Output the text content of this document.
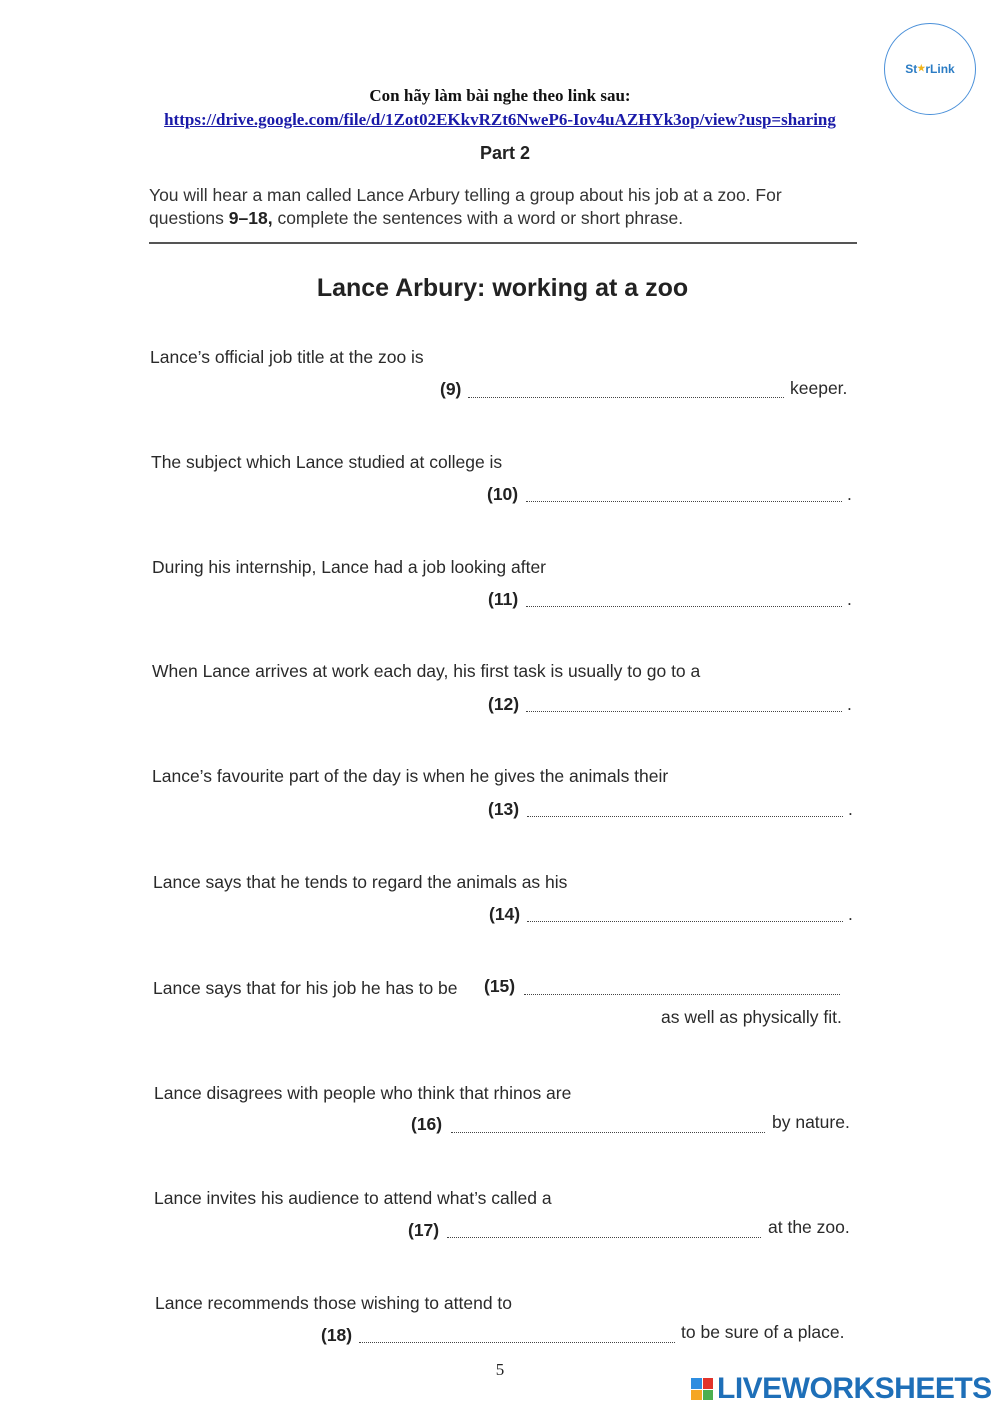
St★rLink
Con hãy làm bài nghe theo link sau:
https://drive.google.com/file/d/1Zot02EKkvRZt6NweP6-Iov4uAZHYk3op/view?usp=sharing
Part 2
You will hear a man called Lance Arbury telling a group about his job at a zoo. For
questions 9–18, complete the sentences with a word or short phrase.
Lance Arbury: working at a zoo
Lance’s official job title at the zoo is
(9)	keeper.
The subject which Lance studied at college is
(10)	.
During his internship, Lance had a job looking after
(11)	.
When Lance arrives at work each day, his first task is usually to go to a
(12)	.
Lance’s favourite part of the day is when he gives the animals their
(13)	.
Lance says that he tends to regard the animals as his
(14)	.
Lance says that for his job he has to be (15)
as well as physically fit.
Lance disagrees with people who think that rhinos are
(16)	by nature.
Lance invites his audience to attend what’s called a
(17)	at the zoo.
Lance recommends those wishing to attend to
(18)	to be sure of a place.
5
LIVEWORKSHEETS
